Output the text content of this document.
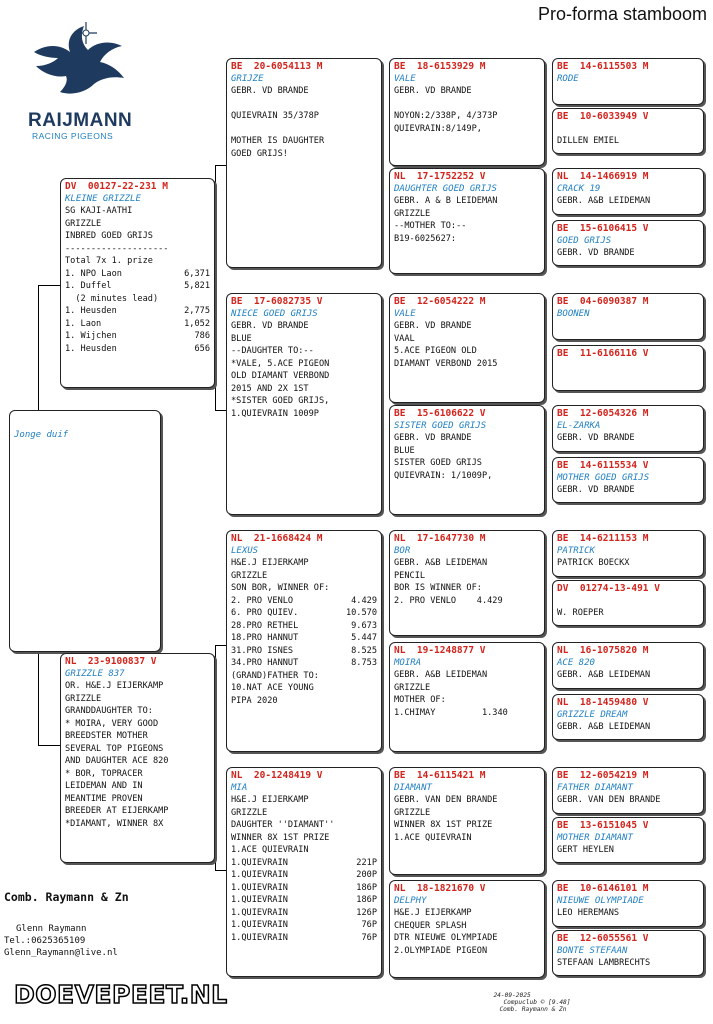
Pro-forma stamboom
RAIJMANN
RACING PIGEONS
Jonge duif
DV  00127-22-231 M
KLEINE GRIZZLE
SG KAJI-AATHI
GRIZZLE
INBRED GOED GRIJS
--------------------
Total 7x 1. prize
1. NPO Laon	6,371
1. Duffel	5,821
(2 minutes lead)
1. Heusden	2,775
1. Laon	1,052
1. Wijchen	786
1. Heusden	656
NL  23-9100837 V
GRIZZLE 837
OR. H&E.J EIJERKAMP
GRIZZLE
GRANDDAUGHTER TO:
* MOIRA, VERY GOOD
BREEDSTER MOTHER
SEVERAL TOP PIGEONS
AND DAUGHTER ACE 820
* BOR, TOPRACER
LEIDEMAN AND IN
MEANTIME PROVEN
BREEDER AT EIJERKAMP
*DIAMANT, WINNER 8X
BE  20-6054113 M
GRIJZE
GEBR. VD BRANDE
QUIEVRAIN 35/378P
MOTHER IS DAUGHTER
GOED GRIJS!
BE  17-6082735 V
NIECE GOED GRIJS
GEBR. VD BRANDE
BLUE
--DAUGHTER TO:--
*VALE, 5.ACE PIGEON
OLD DIAMANT VERBOND
2015 AND 2X 1ST
*SISTER GOED GRIJS,
1.QUIEVRAIN 1009P
NL  21-1668424 M
LEXUS
H&E.J EIJERKAMP
GRIZZLE
SON BOR, WINNER OF:
2. PRO VENLO	4.429
6. PRO QUIEV.	10.570
28.PRO RETHEL	9.673
18.PRO HANNUT	5.447
31.PRO ISNES	8.525
34.PRO HANNUT	8.753
(GRAND)FATHER TO:
10.NAT ACE YOUNG
PIPA 2020
NL  20-1248419 V
MIA
H&E.J EIJERKAMP
GRIZZLE
DAUGHTER ''DIAMANT''
WINNER 8X 1ST PRIZE
1.ACE QUIEVRAIN
1.QUIEVRAIN	221P
1.QUIEVRAIN	200P
1.QUIEVRAIN	186P
1.QUIEVRAIN	186P
1.QUIEVRAIN	126P
1.QUIEVRAIN	76P
1.QUIEVRAIN	76P
BE  18-6153929 M
VALE
GEBR. VD BRANDE
NOYON:2/338P, 4/373P
QUIEVRAIN:8/149P,
NL  17-1752252 V
DAUGHTER GOED GRIJS
GEBR. A & B LEIDEMAN
GRIZZLE
--MOTHER TO:--
B19-6025627:
BE  12-6054222 M
VALE
GEBR. VD BRANDE
VAAL
5.ACE PIGEON OLD
DIAMANT VERBOND 2015
BE  15-6106622 V
SISTER GOED GRIJS
GEBR. VD BRANDE
BLUE
SISTER GOED GRIJS
QUIEVRAIN: 1/1009P,
NL  17-1647730 M
BOR
GEBR. A&B LEIDEMAN
PENCIL
BOR IS WINNER OF:
2. PRO VENLO    4.429
NL  19-1248877 V
MOIRA
GEBR. A&B LEIDEMAN
GRIZZLE
MOTHER OF:
1.CHIMAY         1.340
BE  14-6115421 M
DIAMANT
GEBR. VAN DEN BRANDE
GRIZZLE
WINNER 8X 1ST PRIZE
1.ACE QUIEVRAIN
NL  18-1821670 V
DELPHY
H&E.J EIJERKAMP
CHEQUER SPLASH
DTR NIEUWE OLYMPIADE
2.OLYMPIADE PIGEON
BE  14-6115503 M
RODE
BE  10-6033949 V
DILLEN EMIEL
NL  14-1466919 M
CRACK 19
GEBR. A&B LEIDEMAN
BE  15-6106415 V
GOED GRIJS
GEBR. VD BRANDE
BE  04-6090387 M
BOONEN
BE  11-6166116 V
BE  12-6054326 M
EL-ZARKA
GEBR. VD BRANDE
BE  14-6115534 V
MOTHER GOED GRIJS
GEBR. VD BRANDE
BE  14-6211153 M
PATRICK
PATRICK BOECKX
DV  01274-13-491 V
W. ROEPER
NL  16-1075820 M
ACE 820
GEBR. A&B LEIDEMAN
NL  18-1459480 V
GRIZZLE DREAM
GEBR. A&B LEIDEMAN
BE  12-6054219 M
FATHER DIAMANT
GEBR. VAN DEN BRANDE
BE  13-6151045 V
MOTHER DIAMANT
GERT HEYLEN
BE  10-6146101 M
NIEUWE OLYMPIADE
LEO HEREMANS
BE  12-6055561 V
BONTE STEFAAN
STEFAAN LAMBRECHTS
Comb. Raymann & Zn
Glenn Raymann
Tel.:0625365109
Glenn_Raymann@live.nl
DOEVEPEET.NL	24-09-2025
Compuclub © [9.48]
Comb. Raymann & Zn
